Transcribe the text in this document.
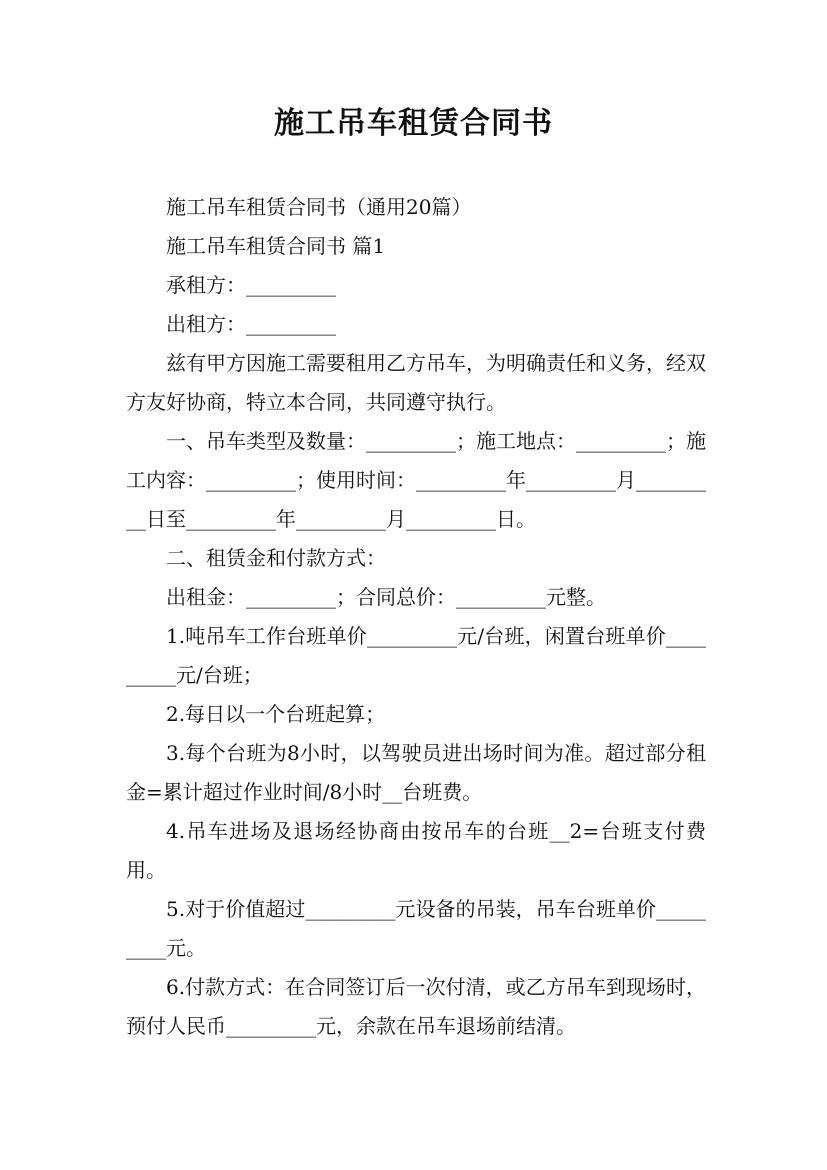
施工吊车租赁合同书

施工吊车租赁合同书（通用20篇）

施工吊车租赁合同书 篇1

承租方：_________

出租方：_________

兹有甲方因施工需要租用乙方吊车，为明确责任和义务，经双方友好协商，特立本合同，共同遵守执行。

一、吊车类型及数量：_________；施工地点：_________；施工内容：_________；使用时间：_________年_________月_________日至_________年_________月_________日。

二、租赁金和付款方式：

出租金：_________；合同总价：_________元整。

1.吨吊车工作台班单价_________元/台班，闲置台班单价_________元/台班；

2.每日以一个台班起算；

3.每个台班为8小时，以驾驶员进出场时间为准。超过部分租金=累计超过作业时间/8小时__台班费。

4.吊车进场及退场经协商由按吊车的台班__2=台班支付费用。

5.对于价值超过_________元设备的吊装，吊车台班单价_________元。

6.付款方式：在合同签订后一次付清，或乙方吊车到现场时，预付人民币_________元，余款在吊车退场前结清。
